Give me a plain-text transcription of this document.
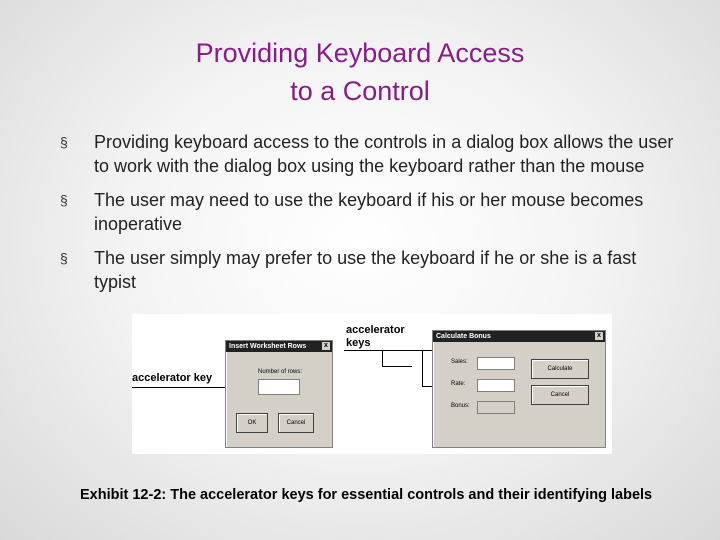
Providing Keyboard Access
to a Control
§	Providing keyboard access to the controls in a dialog box allows the user to work with the dialog box using the keyboard rather than the mouse
§	The user may need to use the keyboard if his or her mouse becomes inoperative
§	The user simply may prefer to use the keyboard if he or she is a fast typist
accelerator key
accelerator keys
Insert Worksheet Rows	x
Number of rows:
OK	Cancel
Calculate Bonus	x
Sales:
Rate:
Bonus:
Calculate
Cancel
Exhibit 12-2: The accelerator keys for essential controls and their identifying labels
